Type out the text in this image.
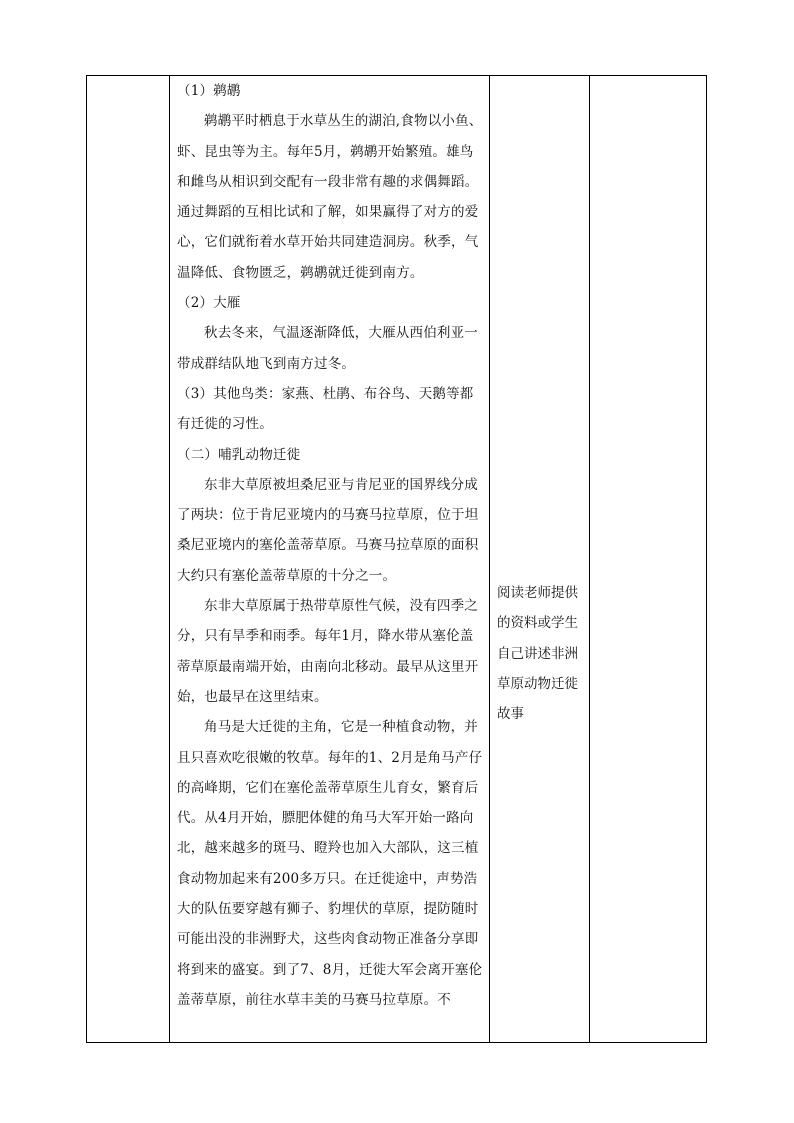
（1）鹈鹕

鹈鹕平时栖息于水草丛生的湖泊,食物以小鱼、虾、昆虫等为主。每年5月，鹈鹕开始繁殖。雄鸟和雌鸟从相识到交配有一段非常有趣的求偶舞蹈。通过舞蹈的互相比试和了解，如果赢得了对方的爱心，它们就衔着水草开始共同建造洞房。秋季，气温降低、食物匮乏，鹈鹕就迁徙到南方。

（2）大雁

秋去冬来，气温逐渐降低，大雁从西伯利亚一带成群结队地飞到南方过冬。

（3）其他鸟类：家燕、杜鹃、布谷鸟、天鹅等都有迁徙的习性。

（二）哺乳动物迁徙

东非大草原被坦桑尼亚与肯尼亚的国界线分成了两块：位于肯尼亚境内的马赛马拉草原，位于坦桑尼亚境内的塞伦盖蒂草原。马赛马拉草原的面积大约只有塞伦盖蒂草原的十分之一。

东非大草原属于热带草原性气候，没有四季之分，只有旱季和雨季。每年1月，降水带从塞伦盖蒂草原最南端开始，由南向北移动。最早从这里开始，也最早在这里结束。

角马是大迁徙的主角，它是一种植食动物，并且只喜欢吃很嫩的牧草。每年的1、2月是角马产仔的高峰期，它们在塞伦盖蒂草原生儿育女，繁育后代。从4月开始，膘肥体健的角马大军开始一路向北，越来越多的斑马、瞪羚也加入大部队，这三植食动物加起来有200多万只。在迁徙途中，声势浩大的队伍要穿越有狮子、豹埋伏的草原，提防随时可能出没的非洲野犬，这些肉食动物正准备分享即将到来的盛宴。到了7、8月，迁徙大军会离开塞伦盖蒂草原，前往水草丰美的马赛马拉草原。不

阅读老师提供的资料或学生自己讲述非洲草原动物迁徙故事
